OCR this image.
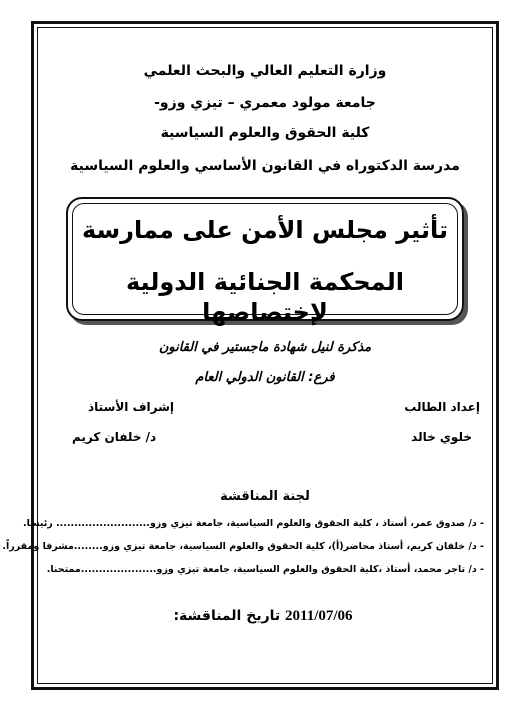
وزارة التعليم العالي والبحث العلمي
جامعة مولود معمري – تيزي وزو-
كلية الحقوق والعلوم السياسية
مدرسة الدكتوراه في القانون الأساسي والعلوم السياسية
تأثير مجلس الأمن على ممارسة
المحكمة الجنائية الدولية لإختصاصها
مذكرة لنيل شهادة ماجستير في القانون
فرع: القانون الدولي العام
إعداد الطالب
خلوي خالد
إشراف الأستاذ
د/ خلفان كريم
لجنة المناقشة
- د/ صدوق عمر، أستاذ ، كلية الحقوق والعلوم السياسية، جامعة تيزي وزو.......................... رئيسا.
- د/ خلفان كريم، أستاذ محاضر(أ)، كلية الحقوق والعلوم السياسية، جامعة تيزي وزو........مشرفا ومقرراً.
- د/ تاجر محمد، أستاذ ،كلية الحقوق والعلوم السياسية، جامعة تيزي وزو.....................ممتحنا.
تاريخ المناقشة: 2011/07/06
